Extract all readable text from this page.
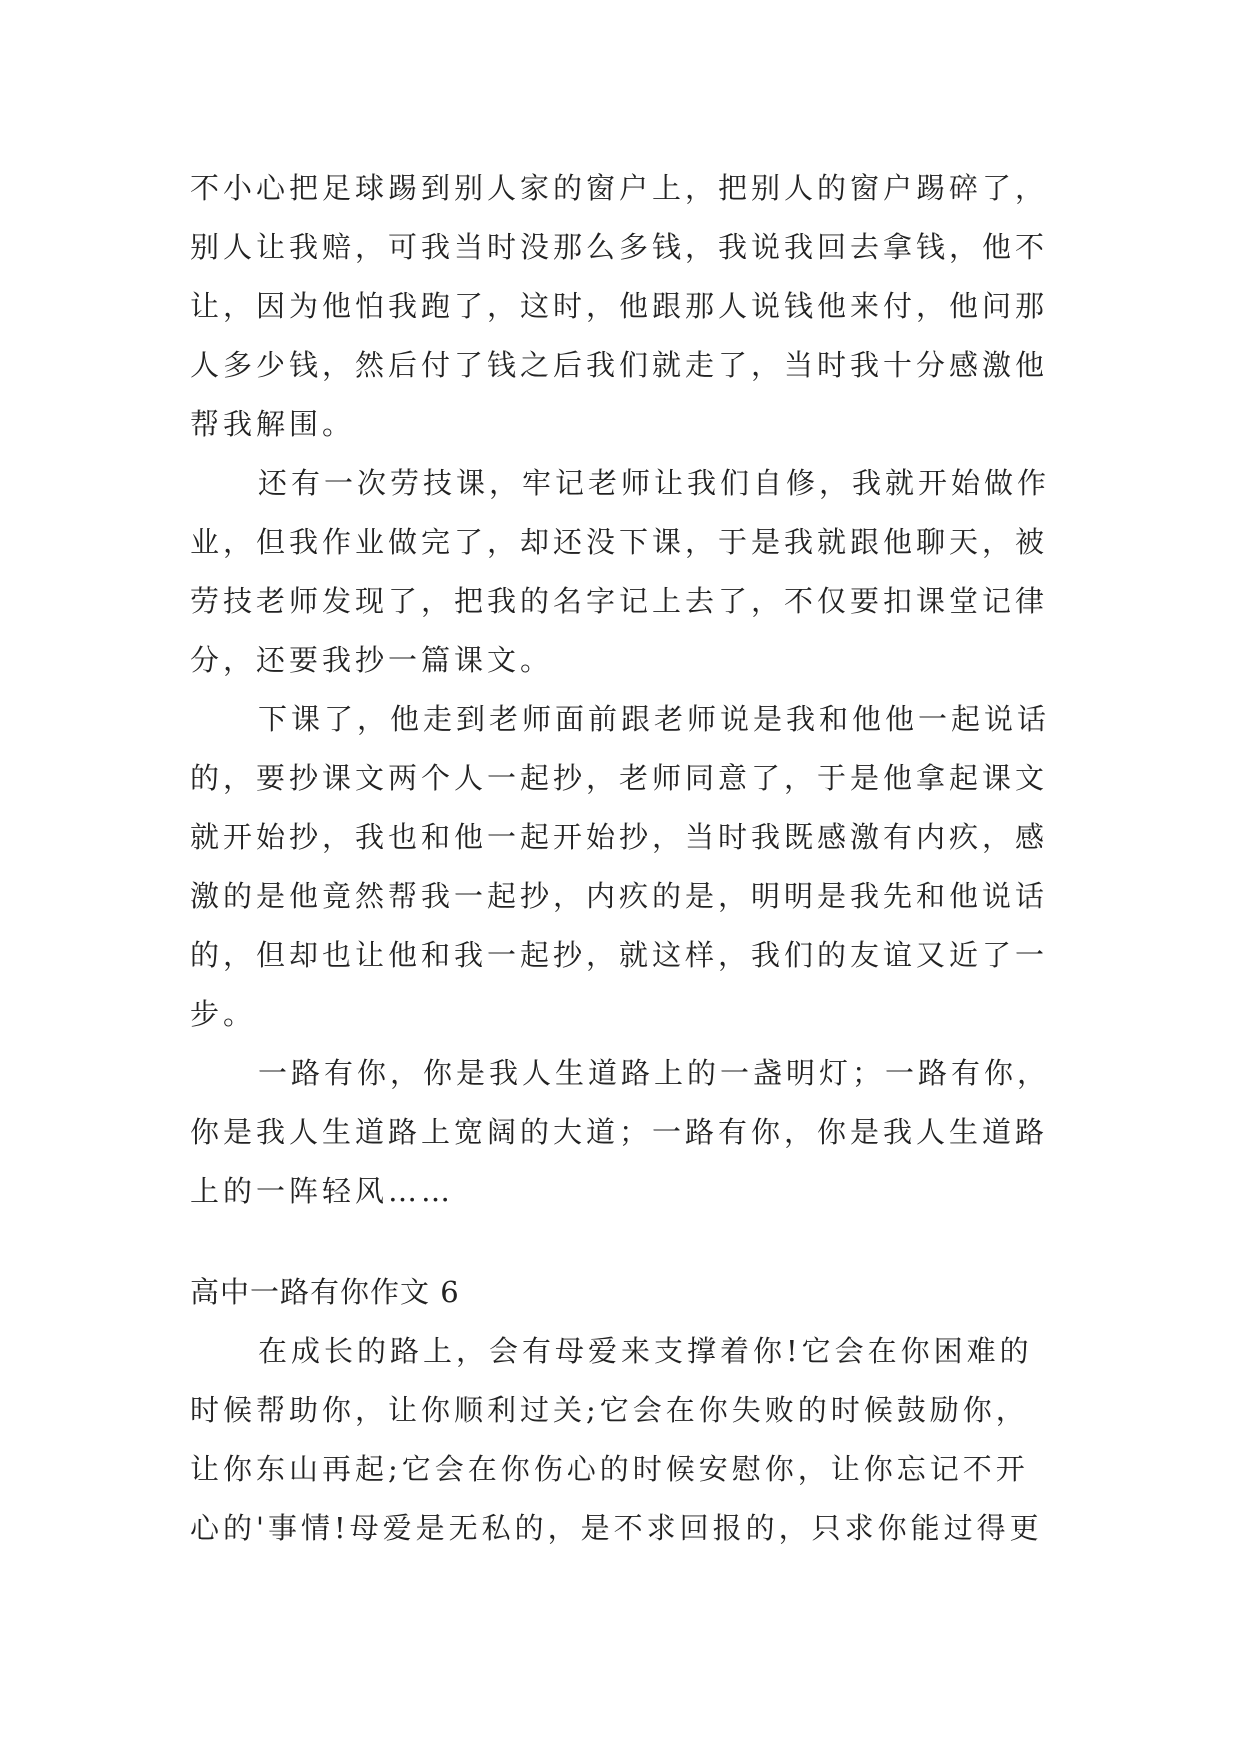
不小心把足球踢到别人家的窗户上，把别人的窗户踢碎了，
别人让我赔，可我当时没那么多钱，我说我回去拿钱，他不
让，因为他怕我跑了，这时，他跟那人说钱他来付，他问那
人多少钱，然后付了钱之后我们就走了，当时我十分感激他
帮我解围。
还有一次劳技课，牢记老师让我们自修，我就开始做作
业，但我作业做完了，却还没下课，于是我就跟他聊天，被
劳技老师发现了，把我的名字记上去了，不仅要扣课堂记律
分，还要我抄一篇课文。
下课了，他走到老师面前跟老师说是我和他他一起说话
的，要抄课文两个人一起抄，老师同意了，于是他拿起课文
就开始抄，我也和他一起开始抄，当时我既感激有内疚，感
激的是他竟然帮我一起抄，内疚的是，明明是我先和他说话
的，但却也让他和我一起抄，就这样，我们的友谊又近了一
步。
一路有你，你是我人生道路上的一盏明灯；一路有你，
你是我人生道路上宽阔的大道；一路有你，你是我人生道路
上的一阵轻风……
高中一路有你作文 6
在成长的路上，会有母爱来支撑着你!它会在你困难的
时候帮助你，让你顺利过关;它会在你失败的时候鼓励你，
让你东山再起;它会在你伤心的时候安慰你，让你忘记不开
心的'事情!母爱是无私的，是不求回报的，只求你能过得更
